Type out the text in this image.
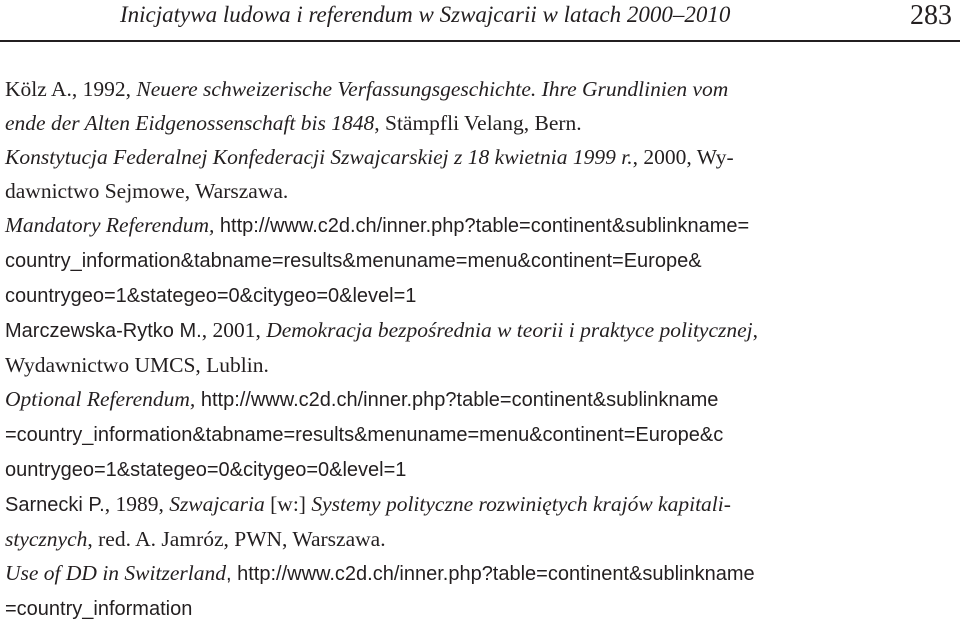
Inicjatywa ludowa i referendum w Szwajcarii w latach 2000–2010	283
Kölz A., 1992, Neuere schweizerische Verfassungsgeschichte. Ihre Grundlinien vom
ende der Alten Eidgenossenschaft bis 1848, Stämpfli Velang, Bern.
Konstytucja Federalnej Konfederacji Szwajcarskiej z 18 kwietnia 1999 r., 2000, Wy-
dawnictwo Sejmowe, Warszawa.
Mandatory Referendum, http://www.c2d.ch/inner.php?table=continent&sublinkname=
country_information&tabname=results&menuname=menu&continent=Europe&
countrygeo=1&stategeo=0&citygeo=0&level=1
Marczewska-Rytko M., 2001, Demokracja bezpośrednia w teorii i praktyce politycznej,
Wydawnictwo UMCS, Lublin.
Optional Referendum, http://www.c2d.ch/inner.php?table=continent&sublinkname
=country_information&tabname=results&menuname=menu&continent=Europe&c
ountrygeo=1&stategeo=0&citygeo=0&level=1
Sarnecki P., 1989, Szwajcaria [w:] Systemy polityczne rozwiniętych krajów kapitali-
stycznych, red. A. Jamróz, PWN, Warszawa.
Use of DD in Switzerland, http://www.c2d.ch/inner.php?table=continent&sublinkname
=country_information
